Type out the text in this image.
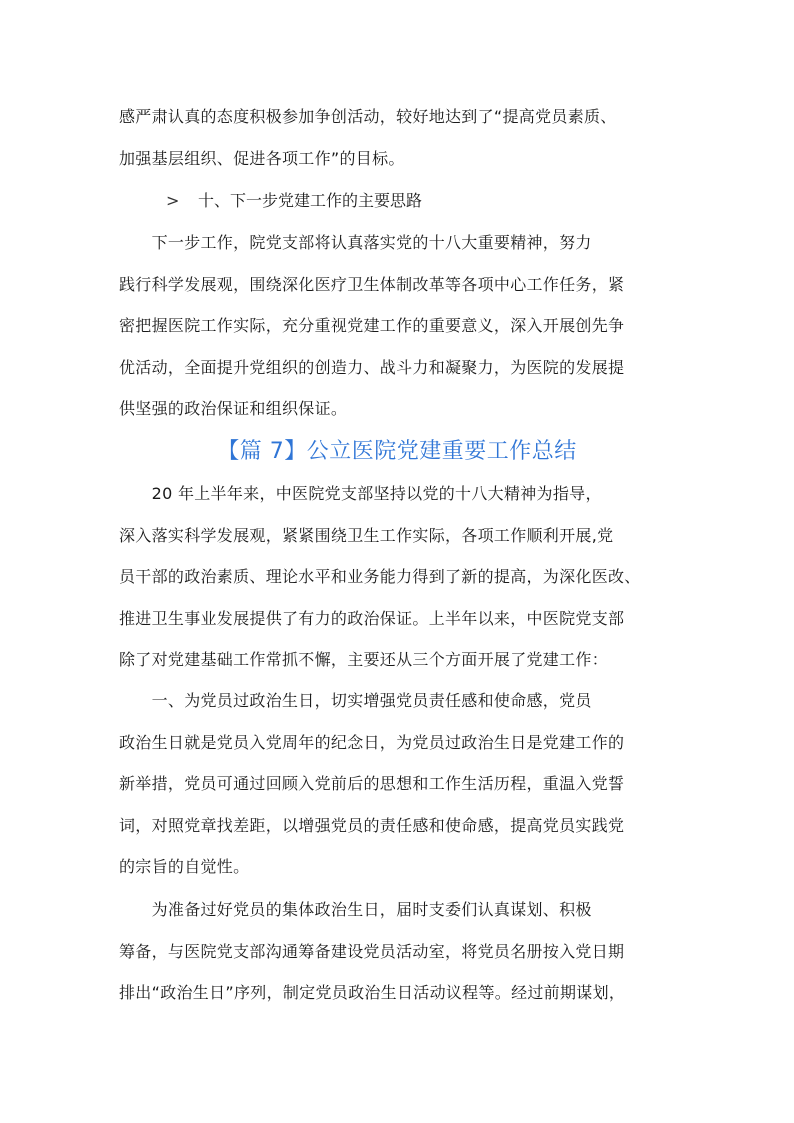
感严肃认真的态度积极参加争创活动，较好地达到了“提高党员素质、
加强基层组织、促进各项工作”的目标。

> 十、下一步党建工作的主要思路

　　下一步工作，院党支部将认真落实党的十八大重要精神，努力
践行科学发展观，围绕深化医疗卫生体制改革等各项中心工作任务，紧
密把握医院工作实际，充分重视党建工作的重要意义，深入开展创先争
优活动，全面提升党组织的创造力、战斗力和凝聚力，为医院的发展提
供坚强的政治保证和组织保证。

【篇 7】公立医院党建重要工作总结

　　20 年上半年来，中医院党支部坚持以党的十八大精神为指导，
深入落实科学发展观，紧紧围绕卫生工作实际，各项工作顺利开展,党
员干部的政治素质、理论水平和业务能力得到了新的提高，为深化医改、
推进卫生事业发展提供了有力的政治保证。上半年以来，中医院党支部
除了对党建基础工作常抓不懈，主要还从三个方面开展了党建工作：

　　一、为党员过政治生日，切实增强党员责任感和使命感，党员
政治生日就是党员入党周年的纪念日，为党员过政治生日是党建工作的
新举措，党员可通过回顾入党前后的思想和工作生活历程，重温入党誓
词，对照党章找差距，以增强党员的责任感和使命感，提高党员实践党
的宗旨的自觉性。

　　为准备过好党员的集体政治生日，届时支委们认真谋划、积极
筹备，与医院党支部沟通筹备建设党员活动室，将党员名册按入党日期
排出“政治生日”序列，制定党员政治生日活动议程等。经过前期谋划，
